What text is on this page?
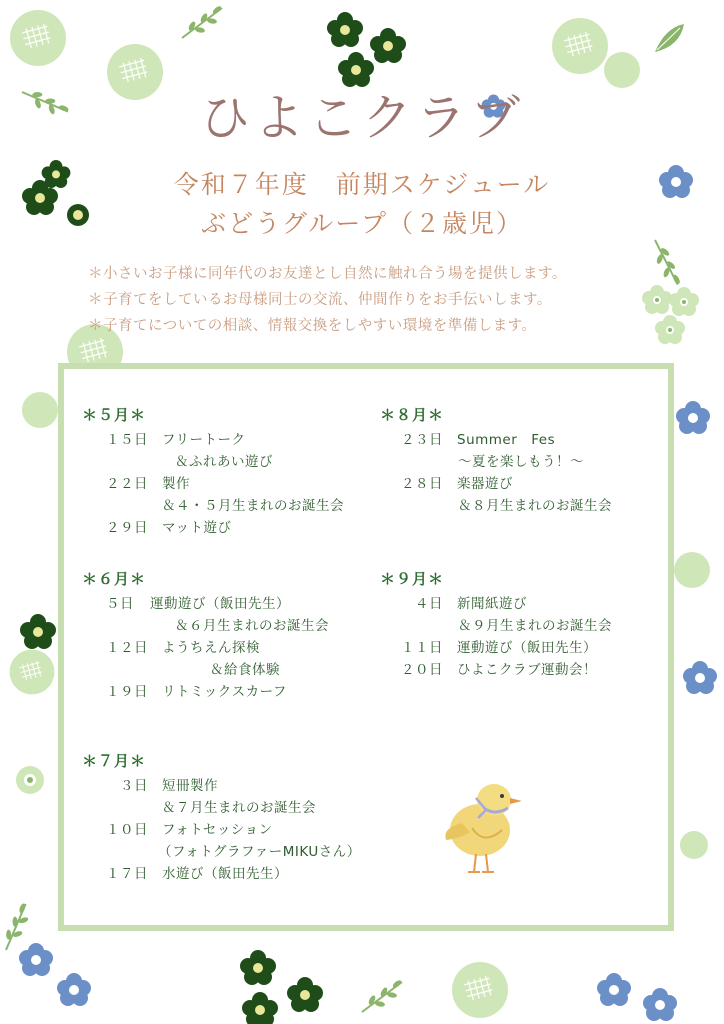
ひよこクラブ
令和７年度　前期スケジュール
ぶどうグループ（２歳児）
＊小さいお子様に同年代のお友達とし自然に触れ合う場を提供します。
＊子育てをしているお母様同士の交流、仲間作りをお手伝いします。
＊子育てについての相談、情報交換をしやすい環境を準備します。
＊５月＊
１５日 フリートーク
＆ふれあい遊び
２２日 製作
＆４・５月生まれのお誕生会
２９日 マット遊び
＊６月＊
５日 運動遊び（飯田先生）
＆６月生まれのお誕生会
１２日 ようちえん探検
＆給食体験
１９日 リトミックスカーフ
＊７月＊
３日 短冊製作
＆７月生まれのお誕生会
１０日 フォトセッション
（フォトグラファーMIKUさん）
１７日 水遊び（飯田先生）
＊８月＊
２３日 Summer　Fes
〜夏を楽しもう！〜
２８日 楽器遊び
＆８月生まれのお誕生会
＊９月＊
４日 新聞紙遊び
＆９月生まれのお誕生会
１１日 運動遊び（飯田先生）
２０日 ひよこクラブ運動会！
